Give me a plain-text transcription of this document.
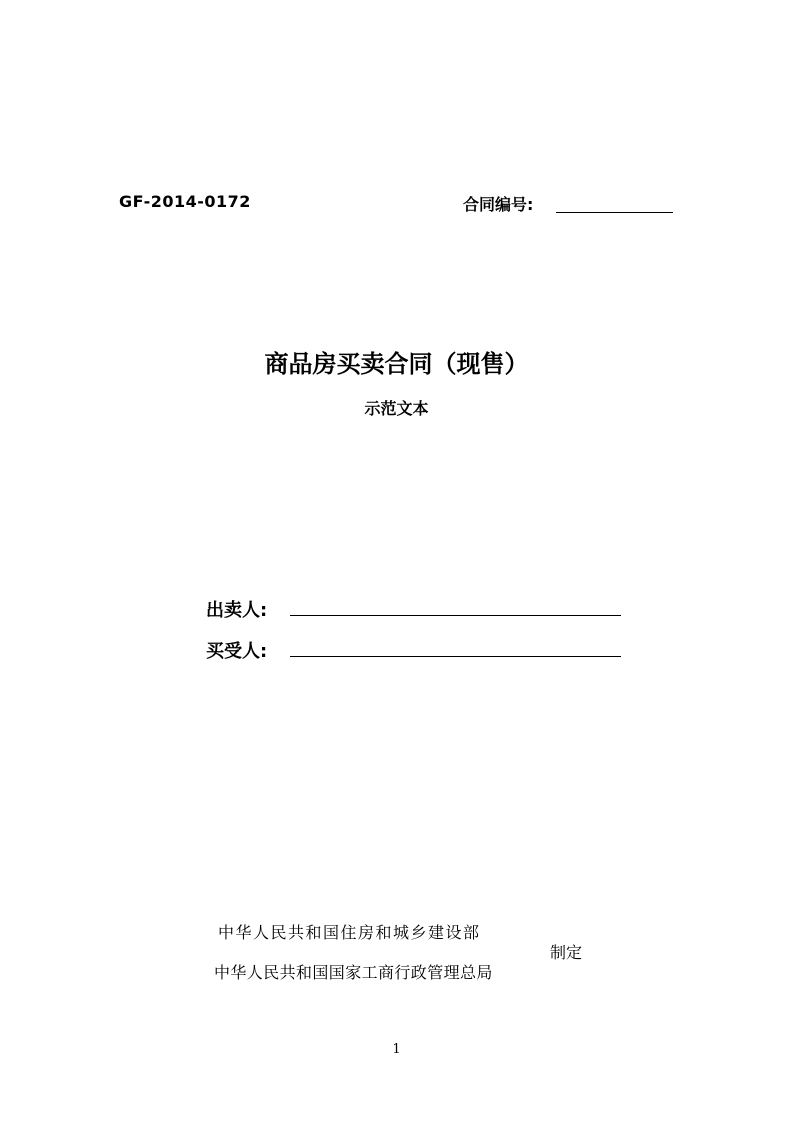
GF-2014-0172	合同编号:
商品房买卖合同（现售）
示范文本
出卖人:
买受人:
中华人民共和国住房和城乡建设部
中华人民共和国国家工商行政管理总局
制定
1
